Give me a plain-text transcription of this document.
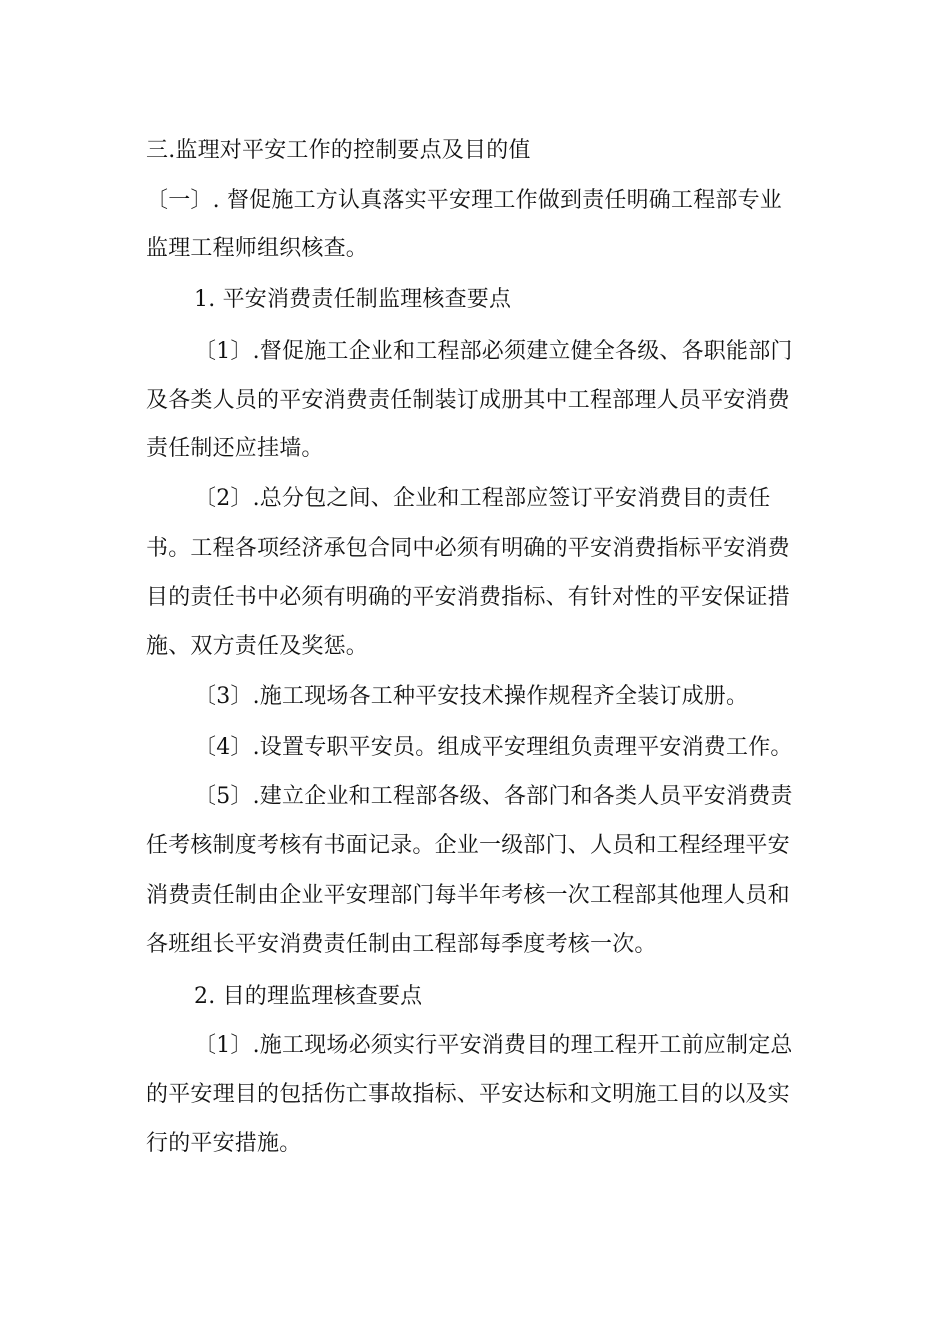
三.监理对平安工作的控制要点及目的值
〔一〕. 督促施工方认真落实平安理工作做到责任明确工程部专业
监理工程师组织核查。
1. 平安消费责任制监理核查要点
〔1〕.督促施工企业和工程部必须建立健全各级、各职能部门
及各类人员的平安消费责任制装订成册其中工程部理人员平安消费
责任制还应挂墙。
〔2〕.总分包之间、企业和工程部应签订平安消费目的责任
书。工程各项经济承包合同中必须有明确的平安消费指标平安消费
目的责任书中必须有明确的平安消费指标、有针对性的平安保证措
施、双方责任及奖惩。
〔3〕.施工现场各工种平安技术操作规程齐全装订成册。
〔4〕.设置专职平安员。组成平安理组负责理平安消费工作。
〔5〕.建立企业和工程部各级、各部门和各类人员平安消费责
任考核制度考核有书面记录。企业一级部门、人员和工程经理平安
消费责任制由企业平安理部门每半年考核一次工程部其他理人员和
各班组长平安消费责任制由工程部每季度考核一次。
2. 目的理监理核查要点
〔1〕.施工现场必须实行平安消费目的理工程开工前应制定总
的平安理目的包括伤亡事故指标、平安达标和文明施工目的以及实
行的平安措施。
